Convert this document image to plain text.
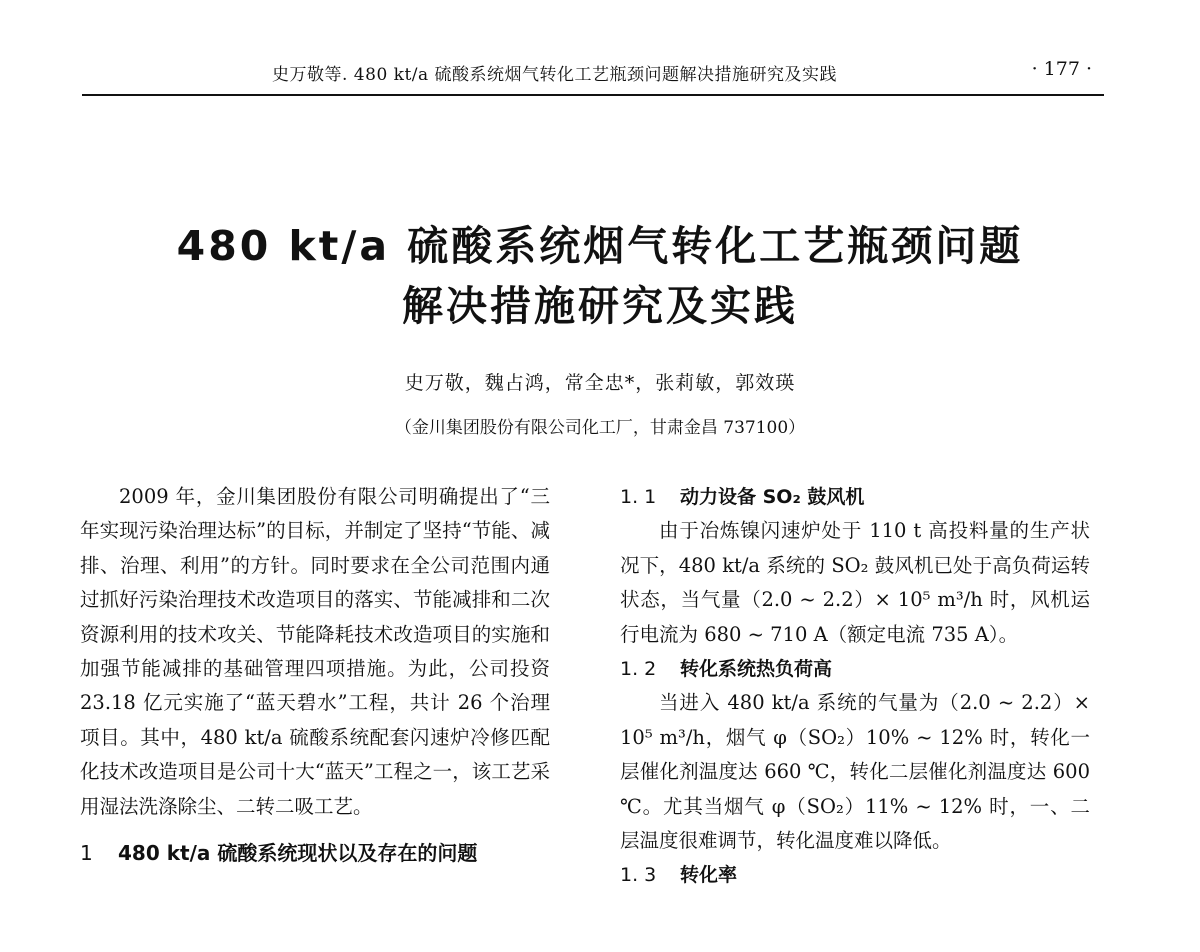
史万敬等. 480 kt/a 硫酸系统烟气转化工艺瓶颈问题解决措施研究及实践	· 177 ·
480 kt/a 硫酸系统烟气转化工艺瓶颈问题
解决措施研究及实践
史万敬，魏占鸿，常全忠*，张莉敏，郭效瑛
（金川集团股份有限公司化工厂，甘肃金昌 737100）

2009 年，金川集团股份有限公司明确提出了“三年实现污染治理达标”的目标，并制定了坚持“节能、减排、治理、利用”的方针。同时要求在全公司范围内通过抓好污染治理技术改造项目的落实、节能减排和二次资源利用的技术攻关、节能降耗技术改造项目的实施和加强节能减排的基础管理四项措施。为此，公司投资 23.18 亿元实施了“蓝天碧水”工程，共计 26 个治理项目。其中，480 kt/a 硫酸系统配套闪速炉冷修匹配化技术改造项目是公司十大“蓝天”工程之一，该工艺采用湿法洗涤除尘、二转二吸工艺。

1 480 kt/a 硫酸系统现状以及存在的问题
1. 1 动力设备 SO₂ 鼓风机

由于冶炼镍闪速炉处于 110 t 高投料量的生产状况下，480 kt/a 系统的 SO₂ 鼓风机已处于高负荷运转状态，当气量（2.0 ~ 2.2）× 10⁵ m³/h 时，风机运行电流为 680 ~ 710 A（额定电流 735 A）。

1. 2 转化系统热负荷高

当进入 480 kt/a 系统的气量为（2.0 ~ 2.2）× 10⁵ m³/h，烟气 φ（SO₂）10% ~ 12% 时，转化一层催化剂温度达 660 ℃，转化二层催化剂温度达 600 ℃。尤其当烟气 φ（SO₂）11% ~ 12% 时，一、二层温度很难调节，转化温度难以降低。

1. 3 转化率
